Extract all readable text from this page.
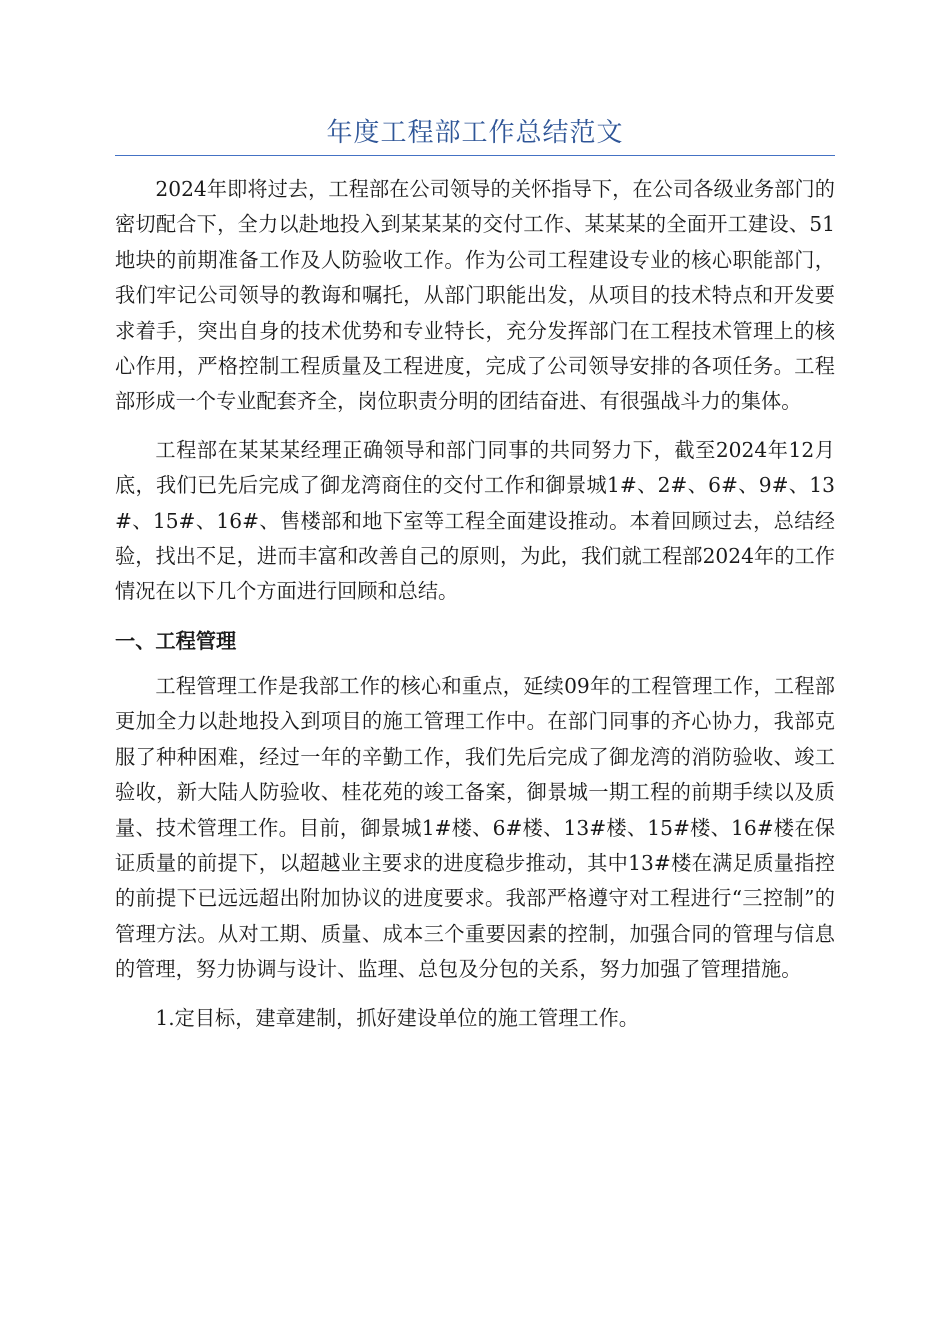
年度工程部工作总结范文

2024年即将过去，工程部在公司领导的关怀指导下，在公司各级业务部门的密切配合下，全力以赴地投入到某某某的交付工作、某某某的全面开工建设、51地块的前期准备工作及人防验收工作。作为公司工程建设专业的核心职能部门，我们牢记公司领导的教诲和嘱托，从部门职能出发，从项目的技术特点和开发要求着手，突出自身的技术优势和专业特长，充分发挥部门在工程技术管理上的核心作用，严格控制工程质量及工程进度，完成了公司领导安排的各项任务。工程部形成一个专业配套齐全，岗位职责分明的团结奋进、有很强战斗力的集体。

工程部在某某某经理正确领导和部门同事的共同努力下，截至2024年12月底，我们已先后完成了御龙湾商住的交付工作和御景城1#、2#、6#、9#、13#、15#、16#、售楼部和地下室等工程全面建设推动。本着回顾过去，总结经验，找出不足，进而丰富和改善自己的原则，为此，我们就工程部2024年的工作情况在以下几个方面进行回顾和总结。

一、工程管理

工程管理工作是我部工作的核心和重点，延续09年的工程管理工作，工程部更加全力以赴地投入到项目的施工管理工作中。在部门同事的齐心协力，我部克服了种种困难，经过一年的辛勤工作，我们先后完成了御龙湾的消防验收、竣工验收，新大陆人防验收、桂花苑的竣工备案，御景城一期工程的前期手续以及质量、技术管理工作。目前，御景城1#楼、6#楼、13#楼、15#楼、16#楼在保证质量的前提下，以超越业主要求的进度稳步推动，其中13#楼在满足质量指控的前提下已远远超出附加协议的进度要求。我部严格遵守对工程进行“三控制”的管理方法。从对工期、质量、成本三个重要因素的控制，加强合同的管理与信息的管理，努力协调与设计、监理、总包及分包的关系，努力加强了管理措施。

1.定目标，建章建制，抓好建设单位的施工管理工作。
